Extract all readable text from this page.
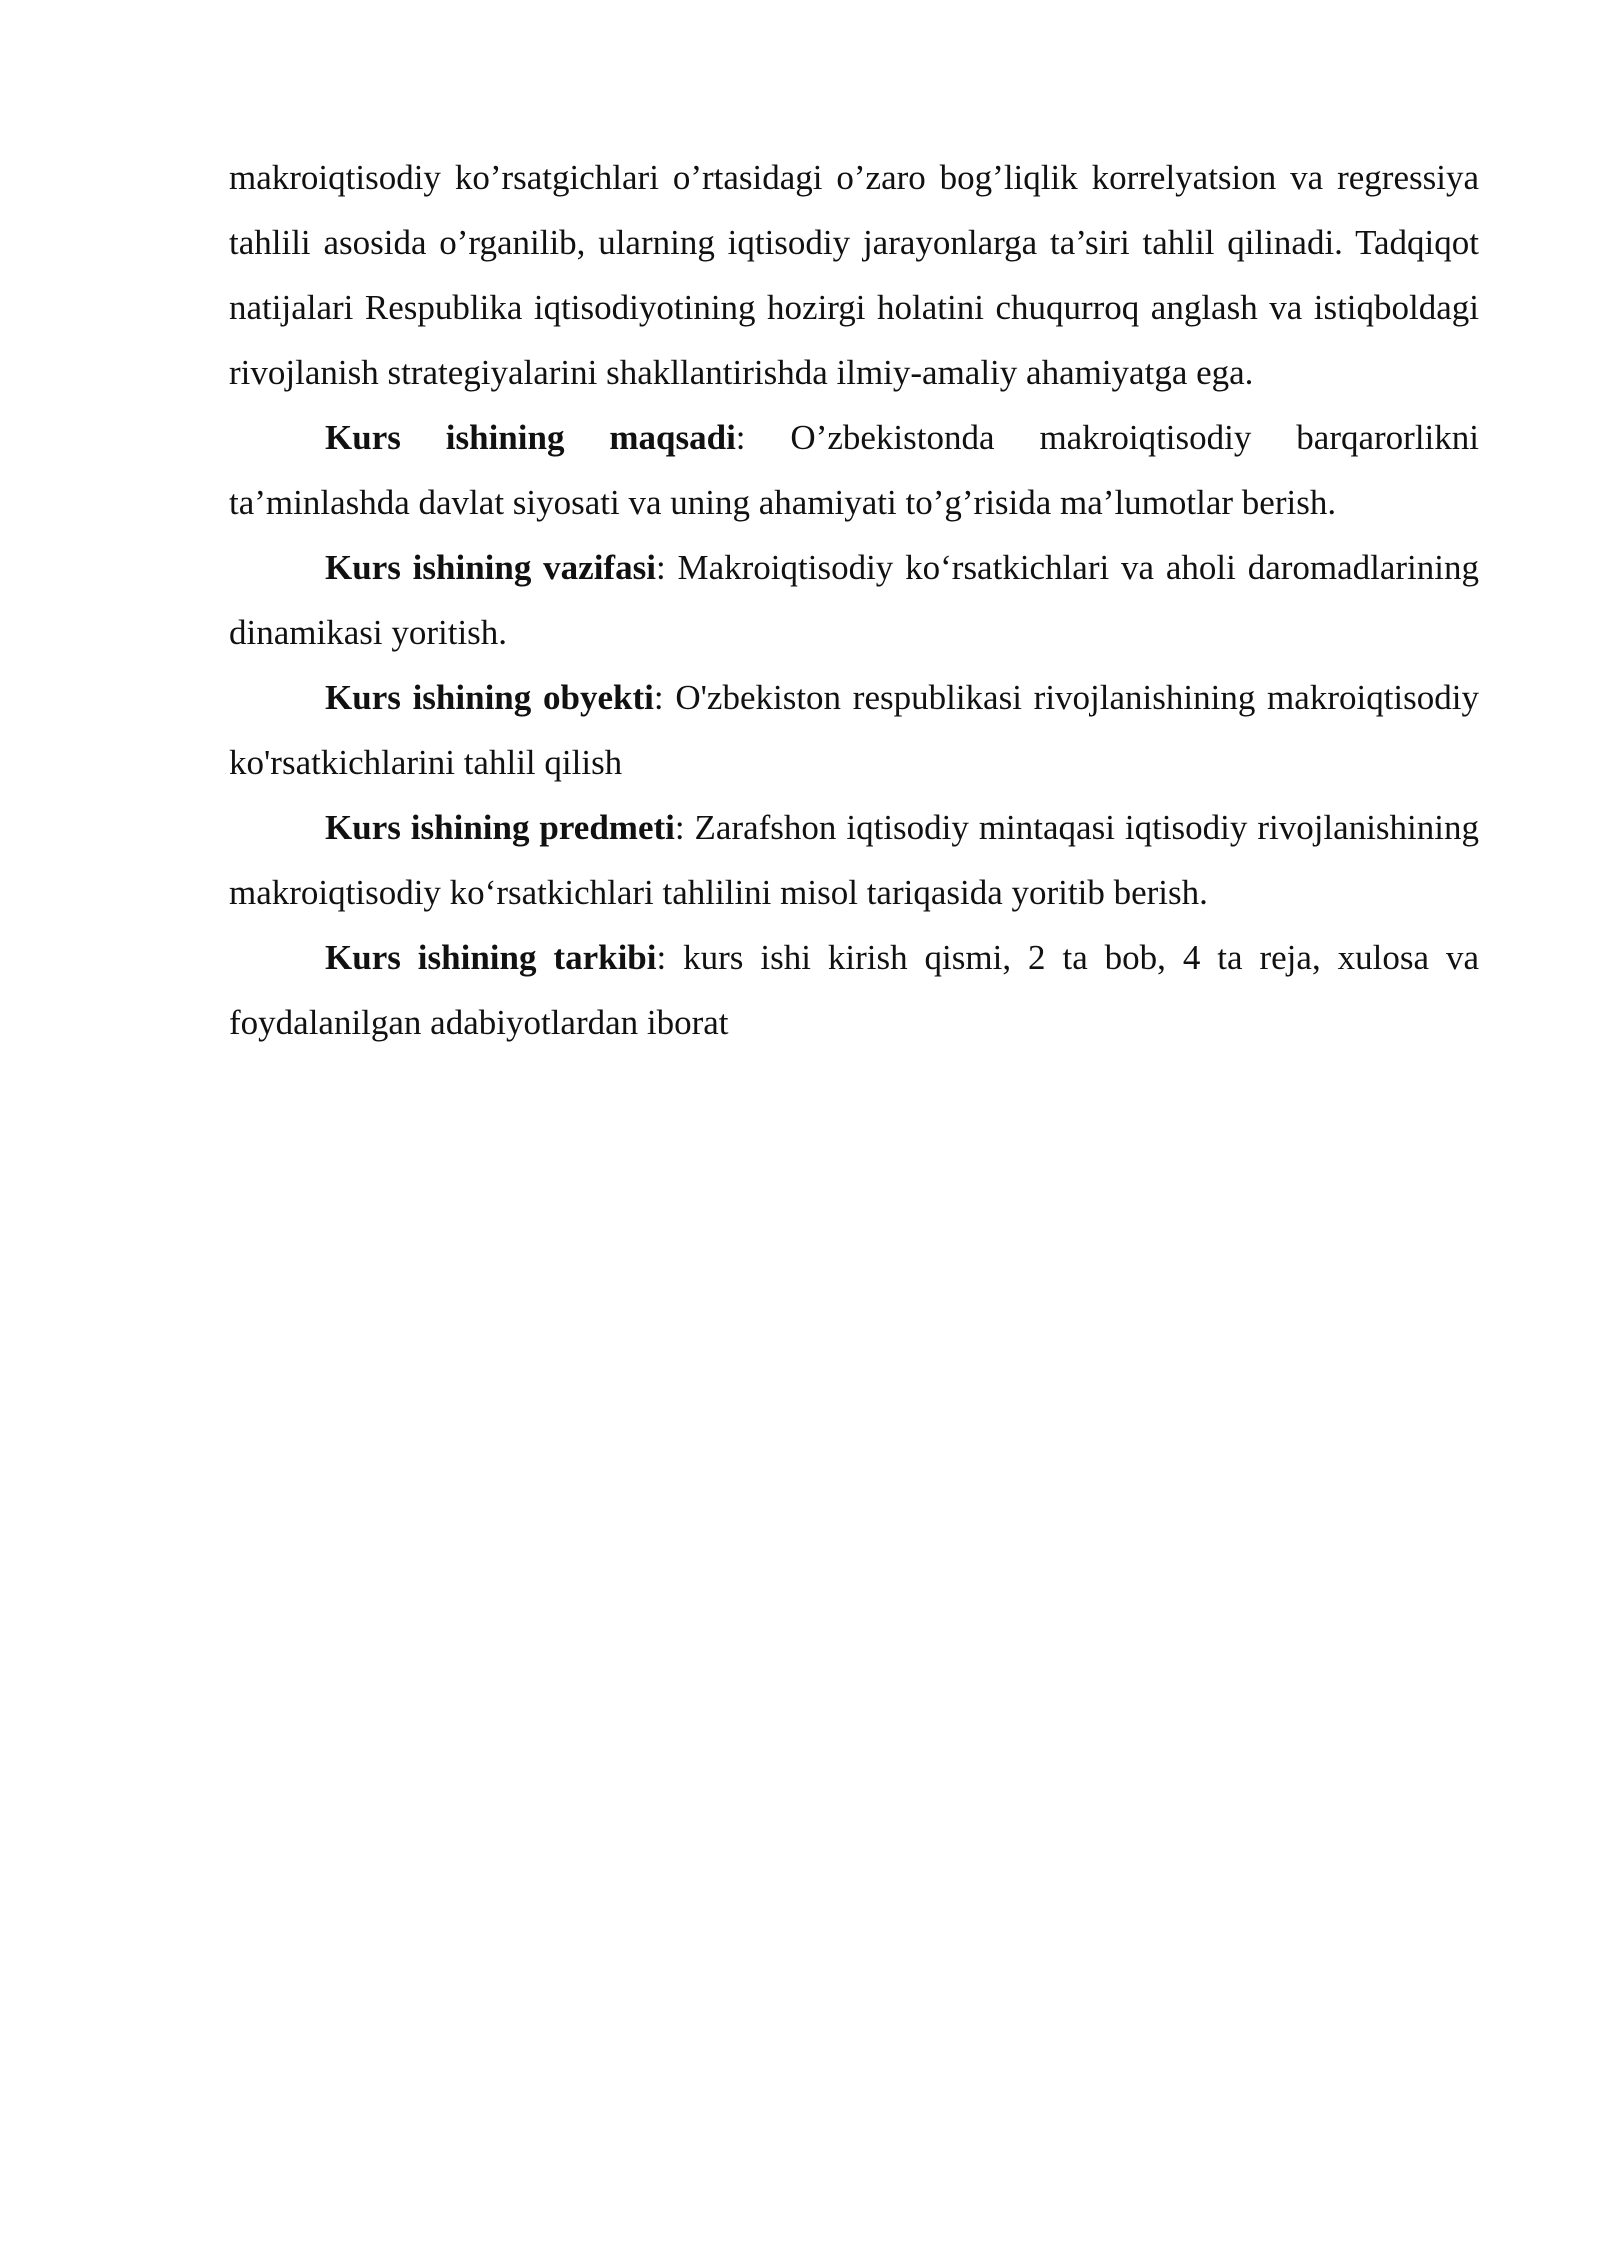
makroiqtisodiy ko’rsatgichlari o’rtasidagi o’zaro bog’liqlik korrelyatsion va regressiya tahlili asosida o’rganilib, ularning iqtisodiy jarayonlarga ta’siri tahlil qilinadi. Tadqiqot natijalari Respublika iqtisodiyotining hozirgi holatini chuqurroq anglash va istiqboldagi rivojlanish strategiyalarini shakllantirishda ilmiy-amaliy ahamiyatga ega.

Kurs ishining maqsadi: O’zbekistonda makroiqtisodiy barqarorlikni ta’minlashda davlat siyosati va uning ahamiyati to’g’risida ma’lumotlar berish.

Kurs ishining vazifasi: Makroiqtisodiy ko‘rsatkichlari va aholi daromadlarining dinamikasi yoritish.

Kurs ishining obyekti: O'zbekiston respublikasi rivojlanishining makroiqtisodiy ko'rsatkichlarini tahlil qilish

Kurs ishining predmeti: Zarafshon iqtisodiy mintaqasi iqtisodiy rivojlanishining makroiqtisodiy ko‘rsatkichlari tahlilini misol tariqasida yoritib berish.

Kurs ishining tarkibi: kurs ishi kirish qismi, 2 ta bob, 4 ta reja, xulosa va foydalanilgan adabiyotlardan iborat
